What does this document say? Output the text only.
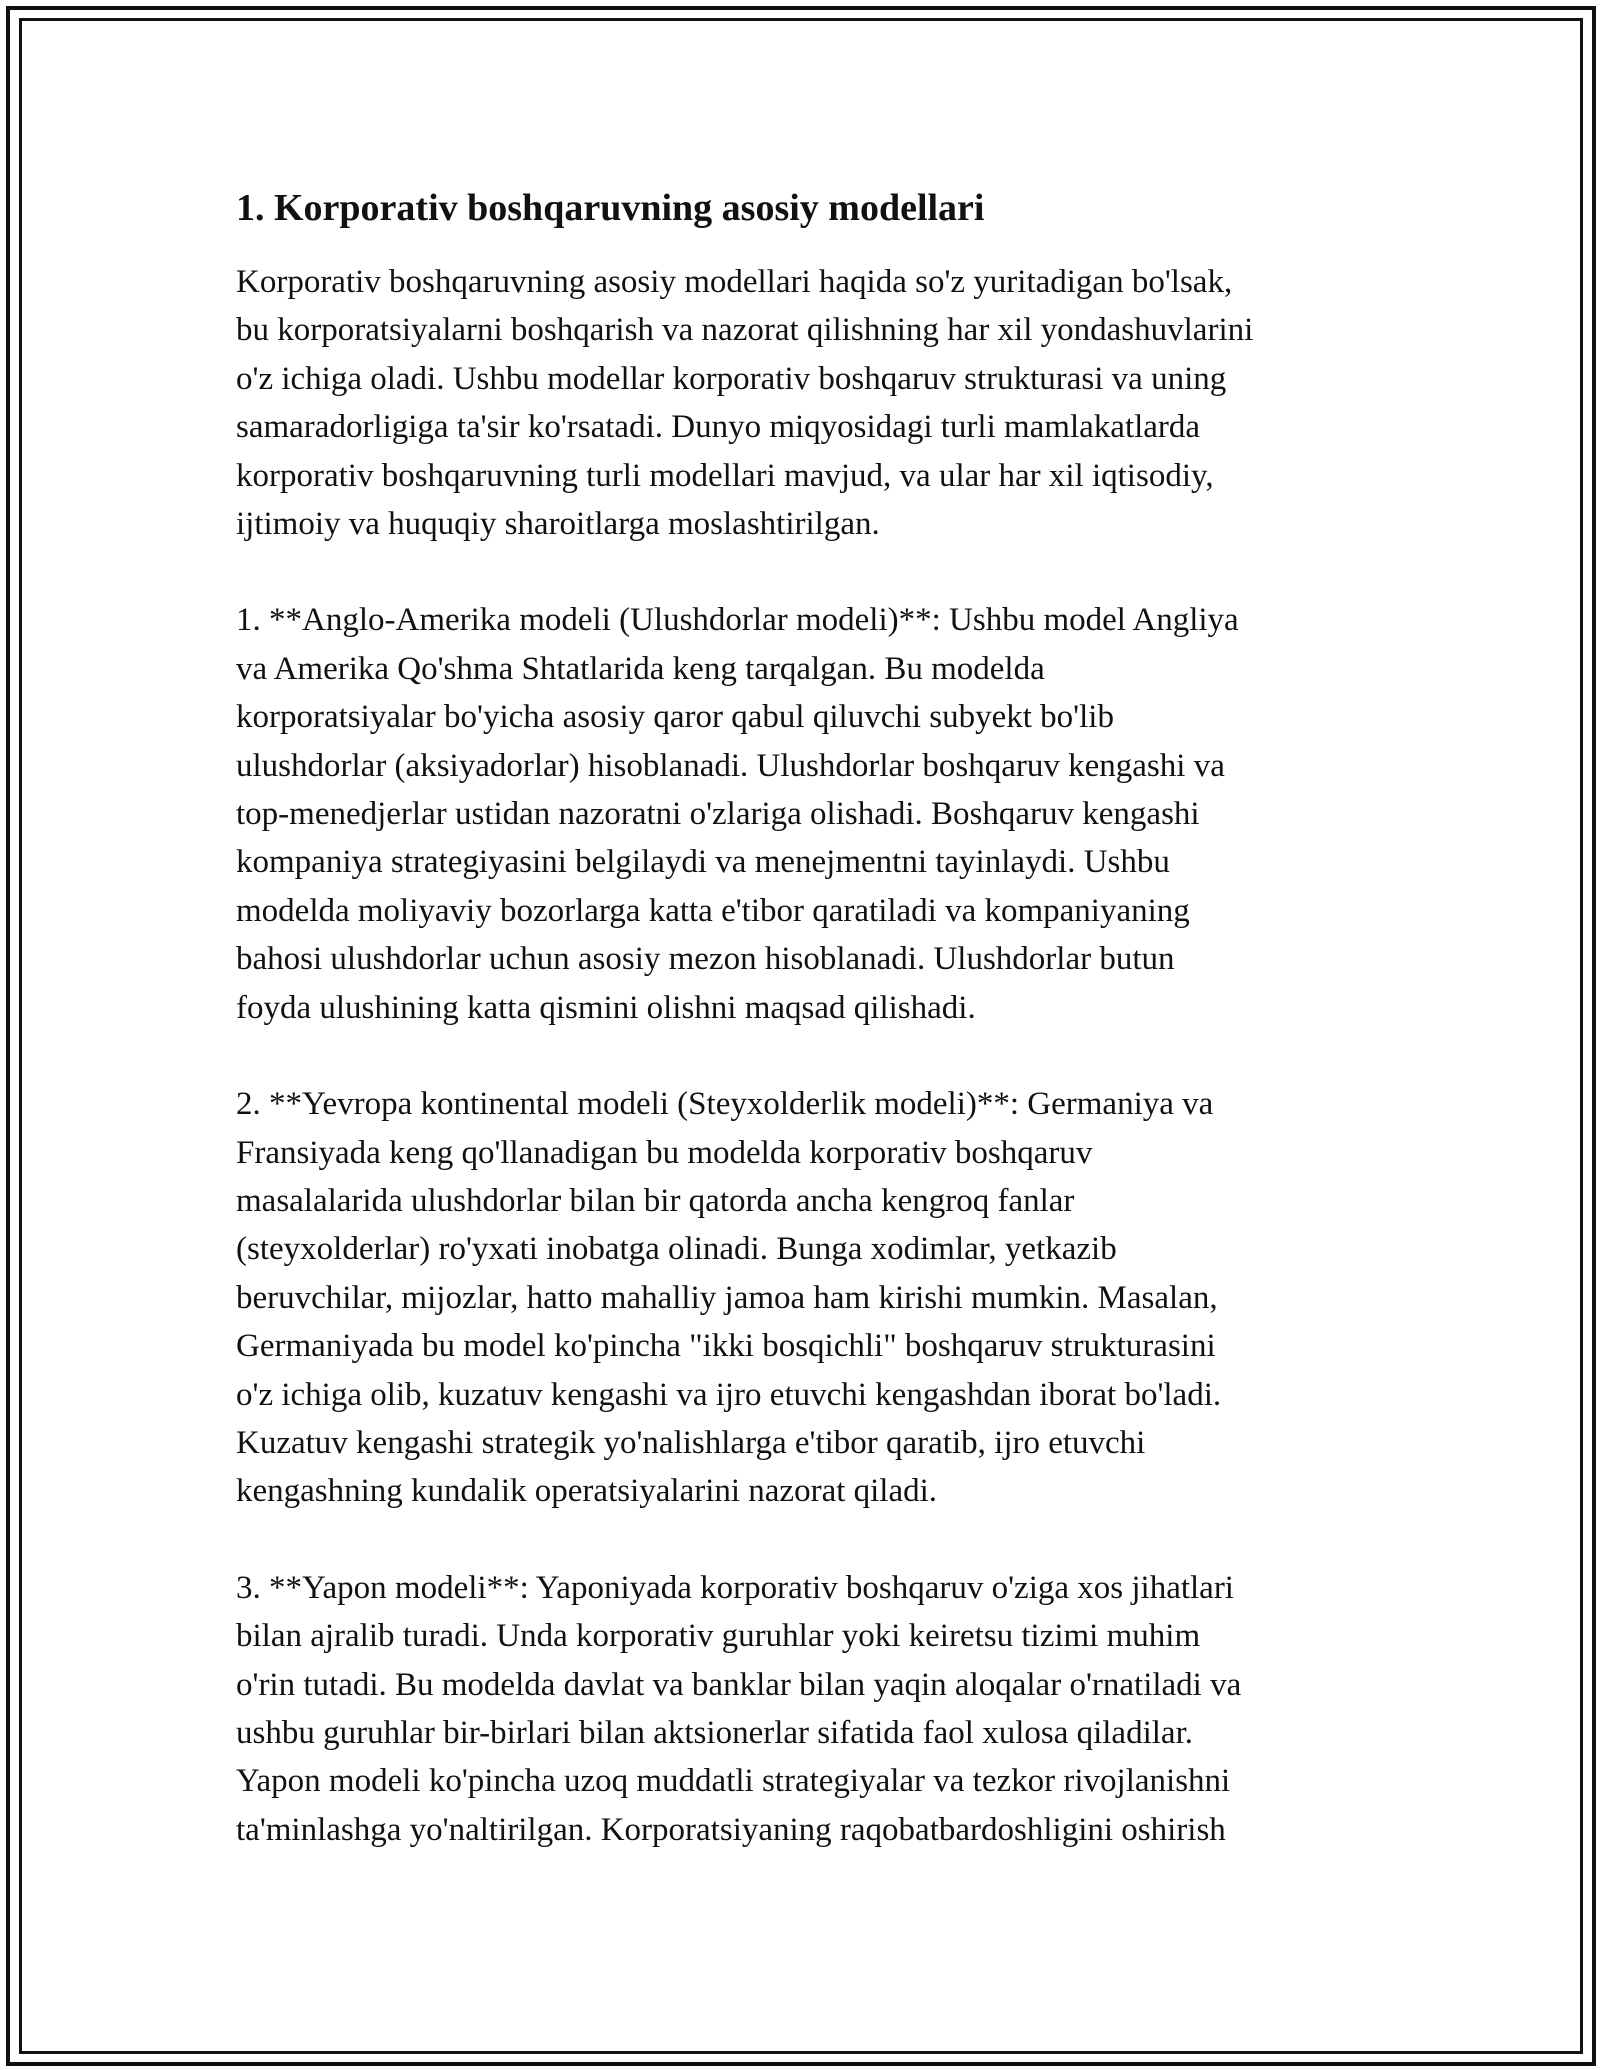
1. Korporativ boshqaruvning asosiy modellari

Korporativ boshqaruvning asosiy modellari haqida so'z yuritadigan bo'lsak,
bu korporatsiyalarni boshqarish va nazorat qilishning har xil yondashuvlarini
o'z ichiga oladi. Ushbu modellar korporativ boshqaruv strukturasi va uning
samaradorligiga ta'sir ko'rsatadi. Dunyo miqyosidagi turli mamlakatlarda
korporativ boshqaruvning turli modellari mavjud, va ular har xil iqtisodiy,
ijtimoiy va huquqiy sharoitlarga moslashtirilgan.

1. **Anglo-Amerika modeli (Ulushdorlar modeli)**: Ushbu model Angliya
va Amerika Qo'shma Shtatlarida keng tarqalgan. Bu modelda
korporatsiyalar bo'yicha asosiy qaror qabul qiluvchi subyekt bo'lib
ulushdorlar (aksiyadorlar) hisoblanadi. Ulushdorlar boshqaruv kengashi va
top-menedjerlar ustidan nazoratni o'zlariga olishadi. Boshqaruv kengashi
kompaniya strategiyasini belgilaydi va menejmentni tayinlaydi. Ushbu
modelda moliyaviy bozorlarga katta e'tibor qaratiladi va kompaniyaning
bahosi ulushdorlar uchun asosiy mezon hisoblanadi. Ulushdorlar butun
foyda ulushining katta qismini olishni maqsad qilishadi.

2. **Yevropa kontinental modeli (Steyxolderlik modeli)**: Germaniya va
Fransiyada keng qo'llanadigan bu modelda korporativ boshqaruv
masalalarida ulushdorlar bilan bir qatorda ancha kengroq fanlar
(steyxolderlar) ro'yxati inobatga olinadi. Bunga xodimlar, yetkazib
beruvchilar, mijozlar, hatto mahalliy jamoa ham kirishi mumkin. Masalan,
Germaniyada bu model ko'pincha "ikki bosqichli" boshqaruv strukturasini
o'z ichiga olib, kuzatuv kengashi va ijro etuvchi kengashdan iborat bo'ladi.
Kuzatuv kengashi strategik yo'nalishlarga e'tibor qaratib, ijro etuvchi
kengashning kundalik operatsiyalarini nazorat qiladi.

3. **Yapon modeli**: Yaponiyada korporativ boshqaruv o'ziga xos jihatlari
bilan ajralib turadi. Unda korporativ guruhlar yoki keiretsu tizimi muhim
o'rin tutadi. Bu modelda davlat va banklar bilan yaqin aloqalar o'rnatiladi va
ushbu guruhlar bir-birlari bilan aktsionerlar sifatida faol xulosa qiladilar.
Yapon modeli ko'pincha uzoq muddatli strategiyalar va tezkor rivojlanishni
ta'minlashga yo'naltirilgan. Korporatsiyaning raqobatbardoshligini oshirish
